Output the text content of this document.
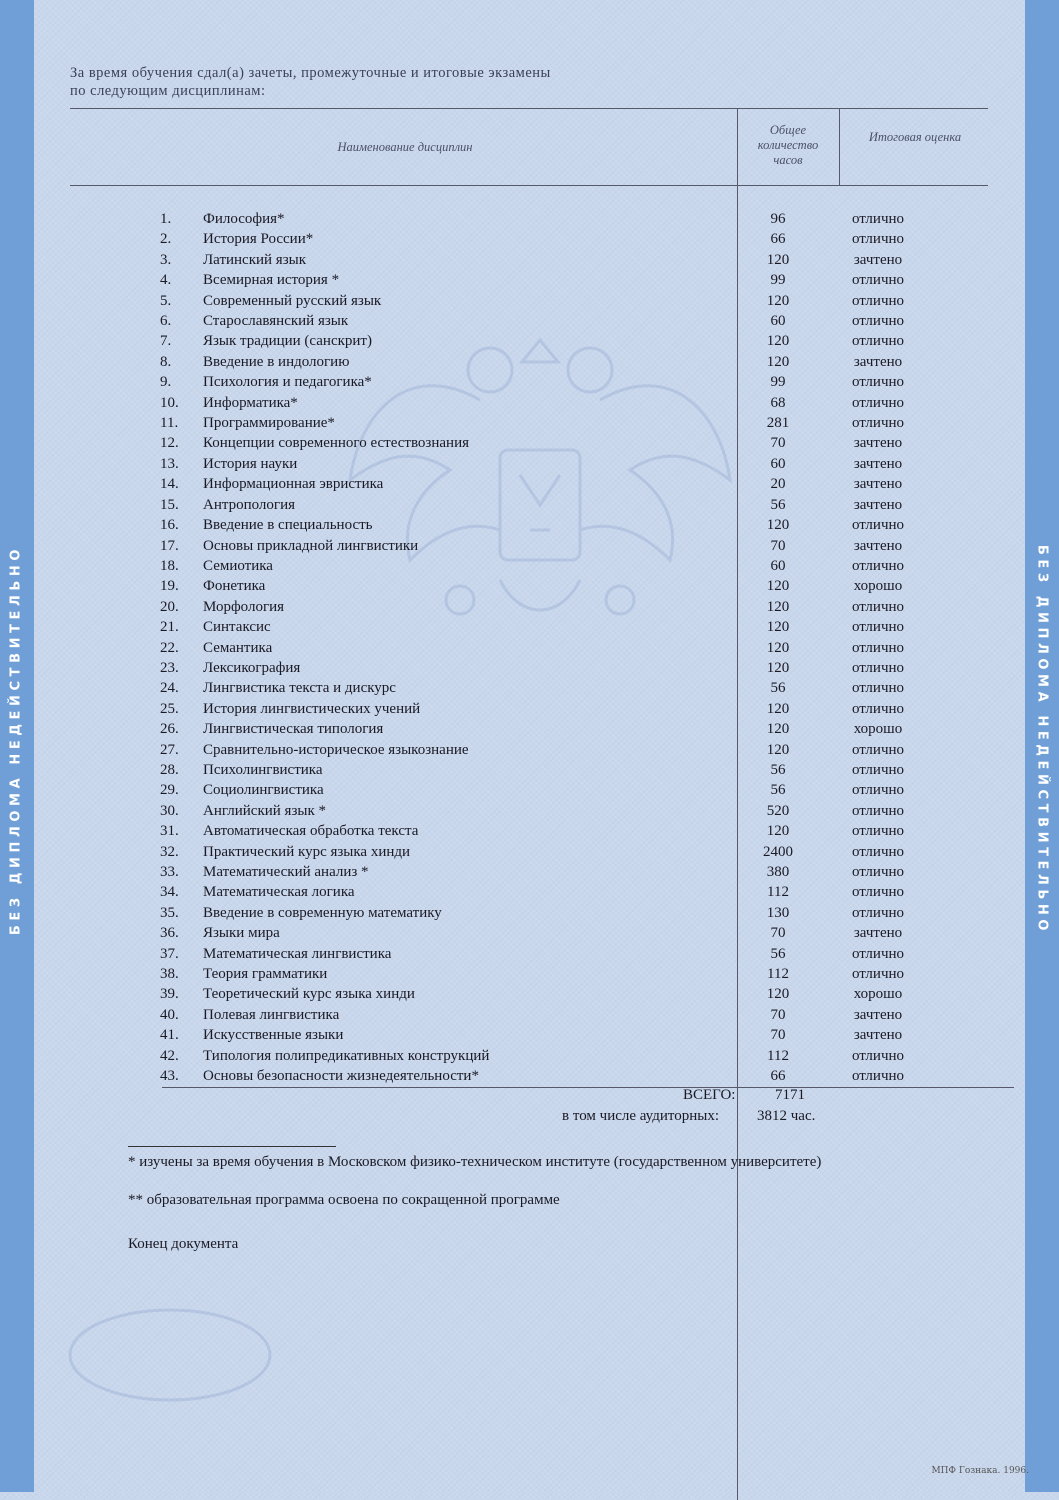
БЕЗ ДИПЛОМА НЕДЕЙСТВИТЕЛЬНО	БЕЗ ДИПЛОМА НЕДЕЙСТВИТЕЛЬНО
За время обучения сдал(а) зачеты, промежуточные и итоговые экзамены
по следующим дисциплинам:
Наименование дисциплин
Общее количество часов
Итоговая оценка
1.	Философия*	96	отлично
2.	История России*	66	отлично
3.	Латинский язык	120	зачтено
4.	Всемирная история *	99	отлично
5.	Современный русский язык	120	отлично
6.	Старославянский язык	60	отлично
7.	Язык традиции (санскрит)	120	отлично
8.	Введение в индологию	120	зачтено
9.	Психология и педагогика*	99	отлично
10.	Информатика*	68	отлично
11.	Программирование*	281	отлично
12.	Концепции современного естествознания	70	зачтено
13.	История науки	60	зачтено
14.	Информационная эвристика	20	зачтено
15.	Антропология	56	зачтено
16.	Введение в специальность	120	отлично
17.	Основы прикладной лингвистики	70	зачтено
18.	Семиотика	60	отлично
19.	Фонетика	120	хорошо
20.	Морфология	120	отлично
21.	Синтаксис	120	отлично
22.	Семантика	120	отлично
23.	Лексикография	120	отлично
24.	Лингвистика текста и дискурс	56	отлично
25.	История лингвистических учений	120	отлично
26.	Лингвистическая типология	120	хорошо
27.	Сравнительно-историческое языкознание	120	отлично
28.	Психолингвистика	56	отлично
29.	Социолингвистика	56	отлично
30.	Английский язык *	520	отлично
31.	Автоматическая обработка текста	120	отлично
32.	Практический курс языка хинди	2400	отлично
33.	Математический анализ *	380	отлично
34.	Математическая логика	112	отлично
35.	Введение в современную математику	130	отлично
36.	Языки мира	70	зачтено
37.	Математическая лингвистика	56	отлично
38.	Теория грамматики	112	отлично
39.	Теоретический курс языка хинди	120	хорошо
40.	Полевая лингвистика	70	зачтено
41.	Искусственные языки	70	зачтено
42.	Типология полипредикативных конструкций	112	отлично
43.	Основы безопасности жизнедеятельности*	66	отлично
ВСЕГО:	7171
в том числе аудиторных:	3812 час.
* изучены за время обучения в Московском физико-техническом институте (государственном университете)
** образовательная программа освоена по сокращенной программе
Конец документа
МПФ Гознака. 1996.
